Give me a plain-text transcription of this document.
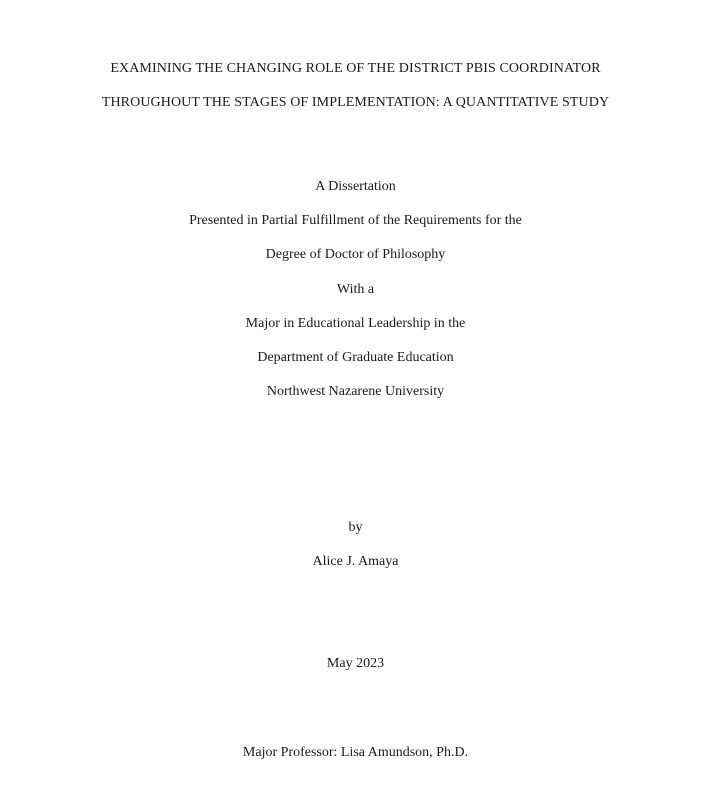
EXAMINING THE CHANGING ROLE OF THE DISTRICT PBIS COORDINATOR
THROUGHOUT THE STAGES OF IMPLEMENTATION: A QUANTITATIVE STUDY
A Dissertation
Presented in Partial Fulfillment of the Requirements for the
Degree of Doctor of Philosophy
With a
Major in Educational Leadership in the
Department of Graduate Education
Northwest Nazarene University
by
Alice J. Amaya
May 2023
Major Professor: Lisa Amundson, Ph.D.
